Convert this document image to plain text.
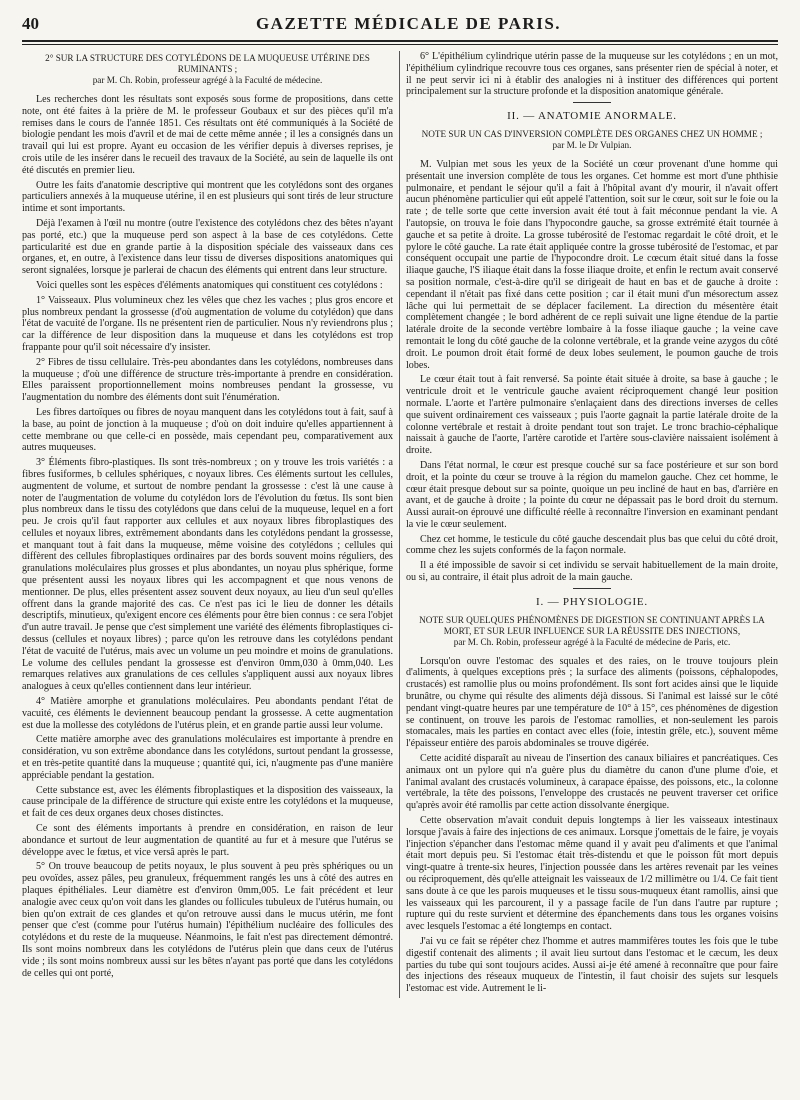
40	GAZETTE MÉDICALE DE PARIS.

2° SUR LA STRUCTURE DES COTYLÉDONS DE LA MUQUEUSE UTÉRINE DES RUMINANTS ;
par M. Ch. Robin, professeur agrégé à la Faculté de médecine.

Les recherches dont les résultats sont exposés sous forme de propositions, dans cette note, ont été faites à la prière de M. le professeur Goubaux et sur des pièces qu'il m'a remises dans le cours de l'année 1851. Ces résultats ont été communiqués à la Société de biologie pendant les mois d'avril et de mai de cette même année ; il les a consignés dans un travail qui lui est propre. Ayant eu occasion de les vérifier depuis à diverses reprises, je crois utile de les insérer dans le recueil des travaux de la Société, au sein de laquelle ils ont été discutés en premier lieu.

Outre les faits d'anatomie descriptive qui montrent que les cotylédons sont des organes particuliers annexés à la muqueuse utérine, il en est plusieurs qui sont tirés de leur structure intime et sont importants.

Déjà l'examen à l'œil nu montre (outre l'existence des cotylédons chez des bêtes n'ayant pas porté, etc.) que la muqueuse perd son aspect à la base de ces cotylédons. Cette particularité est due en grande partie à la disposition spéciale des vaisseaux dans ces organes, et, en outre, à l'existence dans leur tissu de diverses dispositions anatomiques qui seront signalées, lorsque je parlerai de chacun des éléments qui entrent dans leur structure.

Voici quelles sont les espèces d'éléments anatomiques qui constituent ces cotylédons :

1° Vaisseaux. Plus volumineux chez les vêles que chez les vaches ; plus gros encore et plus nombreux pendant la grossesse (d'où augmentation de volume du cotylédon) que dans l'état de vacuité de l'organe. Ils ne présentent rien de particulier. Nous n'y reviendrons plus ; car la différence de leur disposition dans la muqueuse et dans les cotylédons est trop frappante pour qu'il soit nécessaire d'y insister.

2° Fibres de tissu cellulaire. Très-peu abondantes dans les cotylédons, nombreuses dans la muqueuse ; d'où une différence de structure très-importante à prendre en considération. Elles paraissent proportionnellement moins nombreuses pendant la grossesse, vu l'augmentation du nombre des éléments dont suit l'énumération.

Les fibres dartoïques ou fibres de noyau manquent dans les cotylédons tout à fait, sauf à la base, au point de jonction à la muqueuse ; d'où on doit induire qu'elles appartiennent à cette membrane ou que celle-ci en possède, mais cependant peu, comparativement aux autres muqueuses.

3° Éléments fibro-plastiques. Ils sont très-nombreux ; on y trouve les trois variétés : a fibres fusiformes, b cellules sphériques, c noyaux libres. Ces éléments surtout les cellules, augmentent de volume, et surtout de nombre pendant la grossesse : c'est là une cause à noter de l'augmentation de volume du cotylédon lors de l'évolution du fœtus. Ils sont bien plus nombreux dans le tissu des cotylédons que dans celui de la muqueuse, lequel en a fort peu. Je crois qu'il faut rapporter aux cellules et aux noyaux libres fibroplastiques des cellules et noyaux libres, extrêmement abondants dans les cotylédons pendant la grossesse, et manquant tout à fait dans la muqueuse, même voisine des cotylédons ; cellules qui diffèrent des cellules fibroplastiques ordinaires par des bords souvent moins réguliers, des granulations moléculaires plus grosses et plus abondantes, un noyau plus sphérique, forme que présentent aussi les noyaux libres qui les accompagnent et que nous venons de mentionner. De plus, elles présentent assez souvent deux noyaux, au lieu d'un seul qu'elles offrent dans la grande majorité des cas. Ce n'est pas ici le lieu de donner les détails descriptifs, minutieux, qu'exigent encore ces éléments pour être bien connus : ce sera l'objet d'un autre travail. Je pense que c'est simplement une variété des éléments fibroplastiques ci-dessus (cellules et noyaux libres) ; parce qu'on les retrouve dans les cotylédons pendant l'état de vacuité de l'utérus, mais avec un volume un peu moindre et moins de granulations. Le volume des cellules pendant la grossesse est d'environ 0mm,030 à 0mm,040. Les remarques relatives aux granulations de ces cellules s'appliquent aussi aux noyaux libres analogues à ceux qu'elles contiennent dans leur intérieur.

4° Matière amorphe et granulations moléculaires. Peu abondants pendant l'état de vacuité, ces éléments le deviennent beaucoup pendant la grossesse. A cette augmentation est due la mollesse des cotylédons de l'utérus plein, et en grande partie aussi leur volume.

Cette matière amorphe avec des granulations moléculaires est importante à prendre en considération, vu son extrême abondance dans les cotylédons, surtout pendant la grossesse, et en très-petite quantité dans la muqueuse ; quantité qui, ici, n'augmente pas d'une manière appréciable pendant la gestation.

Cette substance est, avec les éléments fibroplastiques et la disposition des vaisseaux, la cause principale de la différence de structure qui existe entre les cotylédons et la muqueuse, et fait de ces deux organes deux choses distinctes.

Ce sont des éléments importants à prendre en considération, en raison de leur abondance et surtout de leur augmentation de quantité au fur et à mesure que l'utérus se développe avec le fœtus, et vice versâ après le part.

5° On trouve beaucoup de petits noyaux, le plus souvent à peu près sphériques ou un peu ovoïdes, assez pâles, peu granuleux, fréquemment rangés les uns à côté des autres en plaques épithéliales. Leur diamètre est d'environ 0mm,005. Le fait précédent et leur analogie avec ceux qu'on voit dans les glandes ou follicules tubuleux de l'utérus humain, ou bien qu'on extrait de ces glandes et qu'on retrouve aussi dans le mucus utérin, me font penser que c'est (comme pour l'utérus humain) l'épithélium nucléaire des follicules des cotylédons et du reste de la muqueuse. Néanmoins, le fait n'est pas directement démontré. Ils sont moins nombreux dans les cotylédons de l'utérus plein que dans ceux de l'utérus vide ; ils sont moins nombreux aussi sur les bêtes n'ayant pas porté que dans les cotylédons de celles qui ont porté,

6° L'épithélium cylindrique utérin passe de la muqueuse sur les cotylédons ; en un mot, l'épithélium cylindrique recouvre tous ces organes, sans présenter rien de spécial à noter, et il ne peut servir ici ni à établir des analogies ni à instituer des différences qui portent principalement sur la structure profonde et la disposition anatomique générale.

II. — ANATOMIE ANORMALE.

NOTE SUR UN CAS D'INVERSION COMPLÈTE DES ORGANES CHEZ UN HOMME ;
par M. le Dr Vulpian.

M. Vulpian met sous les yeux de la Société un cœur provenant d'une homme qui présentait une inversion complète de tous les organes. Cet homme est mort d'une phthisie pulmonaire, et pendant le séjour qu'il a fait à l'hôpital avant d'y mourir, il n'avait offert aucun phénomène particulier qui eût appelé l'attention, soit sur le cœur, soit sur le foie ou la rate ; de telle sorte que cette inversion avait été tout à fait méconnue pendant la vie. A l'autopsie, on trouva le foie dans l'hypocondre gauche, sa grosse extrémité était tournée à gauche et sa petite à droite. La grosse tubérosité de l'estomac regardait le côté droit, et le pylore le côté gauche. La rate était appliquée contre la grosse tubérosité de l'estomac, et par conséquent occupait une partie de l'hypocondre droit. Le cœcum était situé dans la fosse iliaque gauche, l'S iliaque était dans la fosse iliaque droite, et enfin le rectum avait conservé sa position normale, c'est-à-dire qu'il se dirigeait de haut en bas et de gauche à droite : cependant il n'était pas fixé dans cette position ; car il était muni d'un mésorectum assez lâche qui lui permettait de se déplacer facilement. La direction du mésentère était complètement changée ; le bord adhérent de ce repli suivait une ligne étendue de la partie latérale droite de la seconde vertèbre lombaire à la fosse iliaque gauche ; la veine cave remontait le long du côté gauche de la colonne vertébrale, et la grande veine azygos du côté droit. Le poumon droit était formé de deux lobes seulement, le poumon gauche de trois lobes.

Le cœur était tout à fait renversé. Sa pointe était située à droite, sa base à gauche ; le ventricule droit et le ventricule gauche avaient réciproquement changé leur position normale. L'aorte et l'artère pulmonaire s'enlaçaient dans des directions inverses de celles que suivent ordinairement ces vaisseaux ; puis l'aorte gagnait la partie latérale droite de la colonne vertébrale et restait à droite pendant tout son trajet. Le tronc brachio-céphalique naissait à gauche de l'aorte, l'artère carotide et l'artère sous-clavière naissaient isolément à droite.

Dans l'état normal, le cœur est presque couché sur sa face postérieure et sur son bord droit, et la pointe du cœur se trouve à la région du mamelon gauche. Chez cet homme, le cœur était presque debout sur sa pointe, quoique un peu incliné de haut en bas, d'arrière en avant, et de gauche à droite ; la pointe du cœur ne dépassait pas le bord droit du sternum. Aussi aurait-on éprouvé une difficulté réelle à reconnaître l'inversion en examinant pendant la vie le cœur seulement.

Chez cet homme, le testicule du côté gauche descendait plus bas que celui du côté droit, comme chez les sujets conformés de la façon normale.

Il a été impossible de savoir si cet individu se servait habituellement de la main droite, ou si, au contraire, il était plus adroit de la main gauche.

I. — PHYSIOLOGIE.

NOTE SUR QUELQUES PHÉNOMÈNES DE DIGESTION SE CONTINUANT APRÈS LA MORT, ET SUR LEUR INFLUENCE SUR LA RÉUSSITE DES INJECTIONS,
par M. Ch. Robin, professeur agrégé à la Faculté de médecine de Paris, etc.

Lorsqu'on ouvre l'estomac des squales et des raies, on le trouve toujours plein d'aliments, à quelques exceptions près ; la surface des aliments (poissons, céphalopodes, crustacés) est ramollie plus ou moins profondément. Ils sont fort acides ainsi que le liquide brunâtre, ou chyme qui résulte des aliments déjà dissous. Si l'animal est laissé sur le côté pendant vingt-quatre heures par une température de 10° à 15°, ces phénomènes de digestion se continuent, on trouve les parois de l'estomac ramollies, et non-seulement les parois stomacales, mais les parties en contact avec elles (foie, intestin grêle, etc.), souvent même l'épaisseur entière des parois abdominales se trouve digérée.

Cette acidité disparaît au niveau de l'insertion des canaux biliaires et pancréatiques. Ces animaux ont un pylore qui n'a guère plus du diamètre du canon d'une plume d'oie, et l'animal avalant des crustacés volumineux, à carapace épaisse, des poissons, etc., la colonne vertébrale, la tête des poissons, l'enveloppe des crustacés ne peuvent traverser cet orifice qu'après avoir été ramollis par cette action dissolvante énergique.

Cette observation m'avait conduit depuis longtemps à lier les vaisseaux intestinaux lorsque j'avais à faire des injections de ces animaux. Lorsque j'omettais de le faire, je voyais l'injection s'épancher dans l'estomac même quand il y avait peu d'aliments et que l'animal était mort depuis peu. Si l'estomac était très-distendu et que le poisson fût mort depuis vingt-quatre à trente-six heures, l'injection poussée dans les artères revenait par les veines ou réciproquement, dès qu'elle atteignait les vaisseaux de 1/2 millimètre ou 1/4. Ce fait tient sans doute à ce que les parois muqueuses et le tissu sous-muqueux étant ramollis, ainsi que les vaisseaux qui les parcourent, il y a passage facile de l'un dans l'autre par rupture ; rupture qui du reste survient et détermine des épanchements dans tous les organes voisins avec lesquels l'estomac a été longtemps en contact.

J'ai vu ce fait se répéter chez l'homme et autres mammifères toutes les fois que le tube digestif contenait des aliments ; il avait lieu surtout dans l'estomac et le cæcum, les deux parties du tube qui sont toujours acides. Aussi ai-je été amené à reconnaître que pour faire des injections des réseaux muqueux de l'intestin, il faut choisir des sujets sur lesquels l'estomac est vide. Autrement le li-
